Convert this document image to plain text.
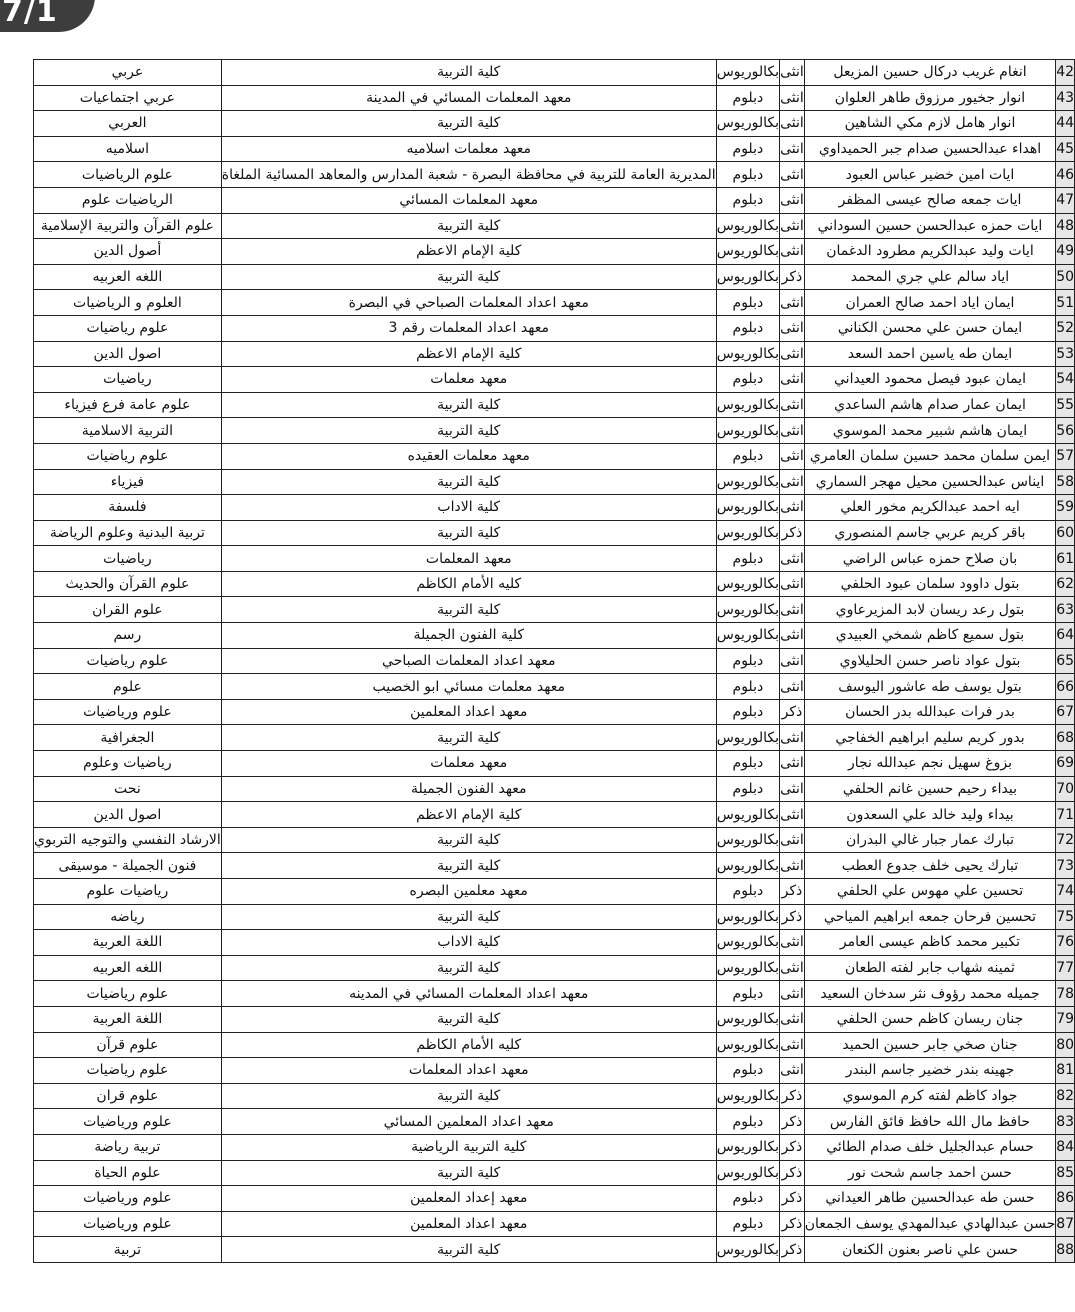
7/1
42	انغام غريب دركال حسين المزيعل	انثى	بكالوريوس	كلية التربية	عربي
43	انوار جخيور مرزوق طاهر العلوان	انثى	دبلوم	معهد المعلمات المسائي في المدينة	عربي اجتماعيات
44	انوار هامل لازم مكي الشاهين	انثى	بكالوريوس	كلية التربية	العربي
45	اهداء عبدالحسين صدام جبر الحميداوي	انثى	دبلوم	معهد معلمات اسلاميه	اسلاميه
46	ايات امين خضير عباس العبود	انثى	دبلوم	المديرية العامة للتربية في محافظة البصرة - شعبة المدارس والمعاهد المسائية الملغاة	علوم الرياضيات
47	ايات جمعه صالح عيسى المظفر	انثى	دبلوم	معهد المعلمات المسائي	الرياضيات علوم
48	ايات حمزه عبدالحسن حسين السوداني	انثى	بكالوريوس	كلية التربية	علوم القرآن والتربية الإسلامية
49	ايات وليد عبدالكريم مطرود الدغمان	انثى	بكالوريوس	كلية الإمام الاعظم	أصول الدين
50	اياد سالم علي جري المحمد	ذكر	بكالوريوس	كلية التربية	اللغه العربيه
51	ايمان اياد احمد صالح العمران	انثى	دبلوم	معهد اعداد المعلمات الصباحي في البصرة	العلوم و الرياضيات
52	ايمان حسن علي محسن الكناني	انثى	دبلوم	معهد اعداد المعلمات رقم 3	علوم رياضيات
53	ايمان طه ياسين احمد السعد	انثى	بكالوريوس	كلية الإمام الاعظم	اصول الدين
54	ايمان عبود فيصل محمود العيداني	انثى	دبلوم	معهد معلمات	رياضيات
55	ايمان عمار صدام هاشم الساعدي	انثى	بكالوريوس	كلية التربية	علوم عامة فرع فيزياء
56	ايمان هاشم شبير محمد الموسوي	انثى	بكالوريوس	كلية التربية	التربية الاسلامية
57	ايمن سلمان محمد حسين سلمان العامري	انثى	دبلوم	معهد معلمات العقيده	علوم رياضيات
58	ايناس عبدالحسين محيل مهجر السماري	انثى	بكالوريوس	كلية التربية	فيزياء
59	ايه احمد عبدالكريم مخور العلي	انثى	بكالوريوس	كلية الاداب	فلسفة
60	باقر كريم عربي جاسم المنصوري	ذكر	بكالوريوس	كلية التربية	تربية البدنية وعلوم الرياضة
61	بان صلاح حمزه عباس الراضي	انثى	دبلوم	معهد المعلمات	رياضيات
62	بتول داوود سلمان عبود الحلفي	انثى	بكالوريوس	كليه الأمام الكاظم	علوم القرآن والحديث
63	بتول رعد ريسان لابد المزيرعاوي	انثى	بكالوريوس	كلية التربية	علوم القران
64	بتول سميع كاظم شمخي العبيدي	انثى	بكالوريوس	كلية الفنون الجميلة	رسم
65	بتول عواد ناصر حسن الحليلاوي	انثى	دبلوم	معهد اعداد المعلمات الصباحي	علوم رياضيات
66	بتول يوسف طه عاشور اليوسف	انثى	دبلوم	معهد معلمات مسائي ابو الخصيب	علوم
67	بدر فرات عبدالله بدر الحسان	ذكر	دبلوم	معهد اعداد المعلمين	علوم ورياضيات
68	بدور كريم سليم ابراهيم الخفاجي	انثى	بكالوريوس	كلية التربية	الجغرافية
69	بزوغ سهيل نجم عبدالله نجار	انثى	دبلوم	معهد معلمات	رياضيات وعلوم
70	بيداء رحيم حسين غانم الحلفي	انثى	دبلوم	معهد الفنون الجميلة	نحت
71	بيداء وليد خالد علي السعدون	انثى	بكالوريوس	كلية الإمام الاعظم	اصول الدين
72	تبارك عمار جبار غالي البدران	انثى	بكالوريوس	كلية التربية	الارشاد النفسي والتوجيه التربوي
73	تبارك يحيى خلف جدوع العطب	انثى	بكالوريوس	كلية التربية	فنون الجميلة - موسيقى
74	تحسين علي مهوس علي الحلفي	ذكر	دبلوم	معهد معلمين البصره	رياضيات علوم
75	تحسين فرحان جمعه ابراهيم المياحي	ذكر	بكالوريوس	كلية التربية	رياضه
76	تكبير محمد كاظم عيسى العامر	انثى	بكالوريوس	كلية الاداب	اللغة العربية
77	ثمينه شهاب جابر لفته الطعان	انثى	بكالوريوس	كلية التربية	اللغه العربيه
78	جميله محمد رؤوف نثر سدخان السعيد	انثى	دبلوم	معهد اعداد المعلمات المسائي في المدينه	علوم رياضيات
79	جنان ريسان كاظم حسن الحلفي	انثى	بكالوريوس	كلية التربية	اللغة العربية
80	جنان صخي جابر حسين الحميد	انثى	بكالوريوس	كليه الأمام الكاظم	علوم قرآن
81	جهينه بندر خضير جاسم البندر	انثى	دبلوم	معهد اعداد المعلمات	علوم رياضيات
82	جواد كاظم لفته كرم الموسوي	ذكر	بكالوريوس	كلية التربية	علوم قران
83	حافظ مال الله حافظ فائق الفارس	ذكر	دبلوم	معهد اعداد المعلمين المسائي	علوم ورياضيات
84	حسام عبدالجليل خلف صدام الطائي	ذكر	بكالوريوس	كلية التربية الرياضية	تربية رياضة
85	حسن احمد جاسم شحت نور	ذكر	بكالوريوس	كلية التربية	علوم الحياة
86	حسن طه عبدالحسين طاهر العيداني	ذكر	دبلوم	معهد إعداد المعلمين	علوم ورياضيات
87	حسن عبدالهادي عبدالمهدي يوسف الجمعان	ذكر	دبلوم	معهد اعداد المعلمين	علوم ورياضيات
88	حسن علي ناصر بعنون الكنعان	ذكر	بكالوريوس	كلية التربية	تربية
